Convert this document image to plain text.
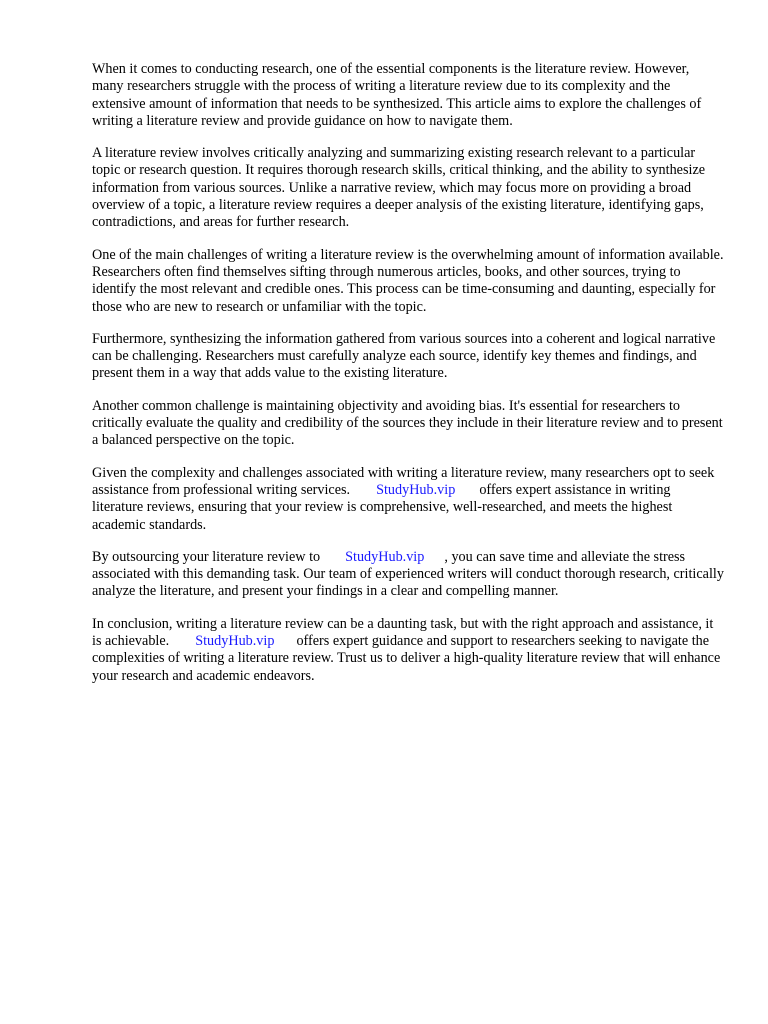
When it comes to conducting research, one of the essential components is the literature review. However, many researchers struggle with the process of writing a literature review due to its complexity and the extensive amount of information that needs to be synthesized. This article aims to explore the challenges of writing a literature review and provide guidance on how to navigate them.

A literature review involves critically analyzing and summarizing existing research relevant to a particular topic or research question. It requires thorough research skills, critical thinking, and the ability to synthesize information from various sources. Unlike a narrative review, which may focus more on providing a broad overview of a topic, a literature review requires a deeper analysis of the existing literature, identifying gaps, contradictions, and areas for further research.

One of the main challenges of writing a literature review is the overwhelming amount of information available. Researchers often find themselves sifting through numerous articles, books, and other sources, trying to identify the most relevant and credible ones. This process can be time-consuming and daunting, especially for those who are new to research or unfamiliar with the topic.

Furthermore, synthesizing the information gathered from various sources into a coherent and logical narrative can be challenging. Researchers must carefully analyze each source, identify key themes and findings, and present them in a way that adds value to the existing literature.

Another common challenge is maintaining objectivity and avoiding bias. It's essential for researchers to critically evaluate the quality and credibility of the sources they include in their literature review and to present a balanced perspective on the topic.

Given the complexity and challenges associated with writing a literature review, many researchers opt to seek assistance from professional writing services. StudyHub.vip offers expert assistance in writing literature reviews, ensuring that your review is comprehensive, well-researched, and meets the highest academic standards.

By outsourcing your literature review to StudyHub.vip , you can save time and alleviate the stress associated with this demanding task. Our team of experienced writers will conduct thorough research, critically analyze the literature, and present your findings in a clear and compelling manner.

In conclusion, writing a literature review can be a daunting task, but with the right approach and assistance, it is achievable. StudyHub.vip offers expert guidance and support to researchers seeking to navigate the complexities of writing a literature review. Trust us to deliver a high-quality literature review that will enhance your research and academic endeavors.
